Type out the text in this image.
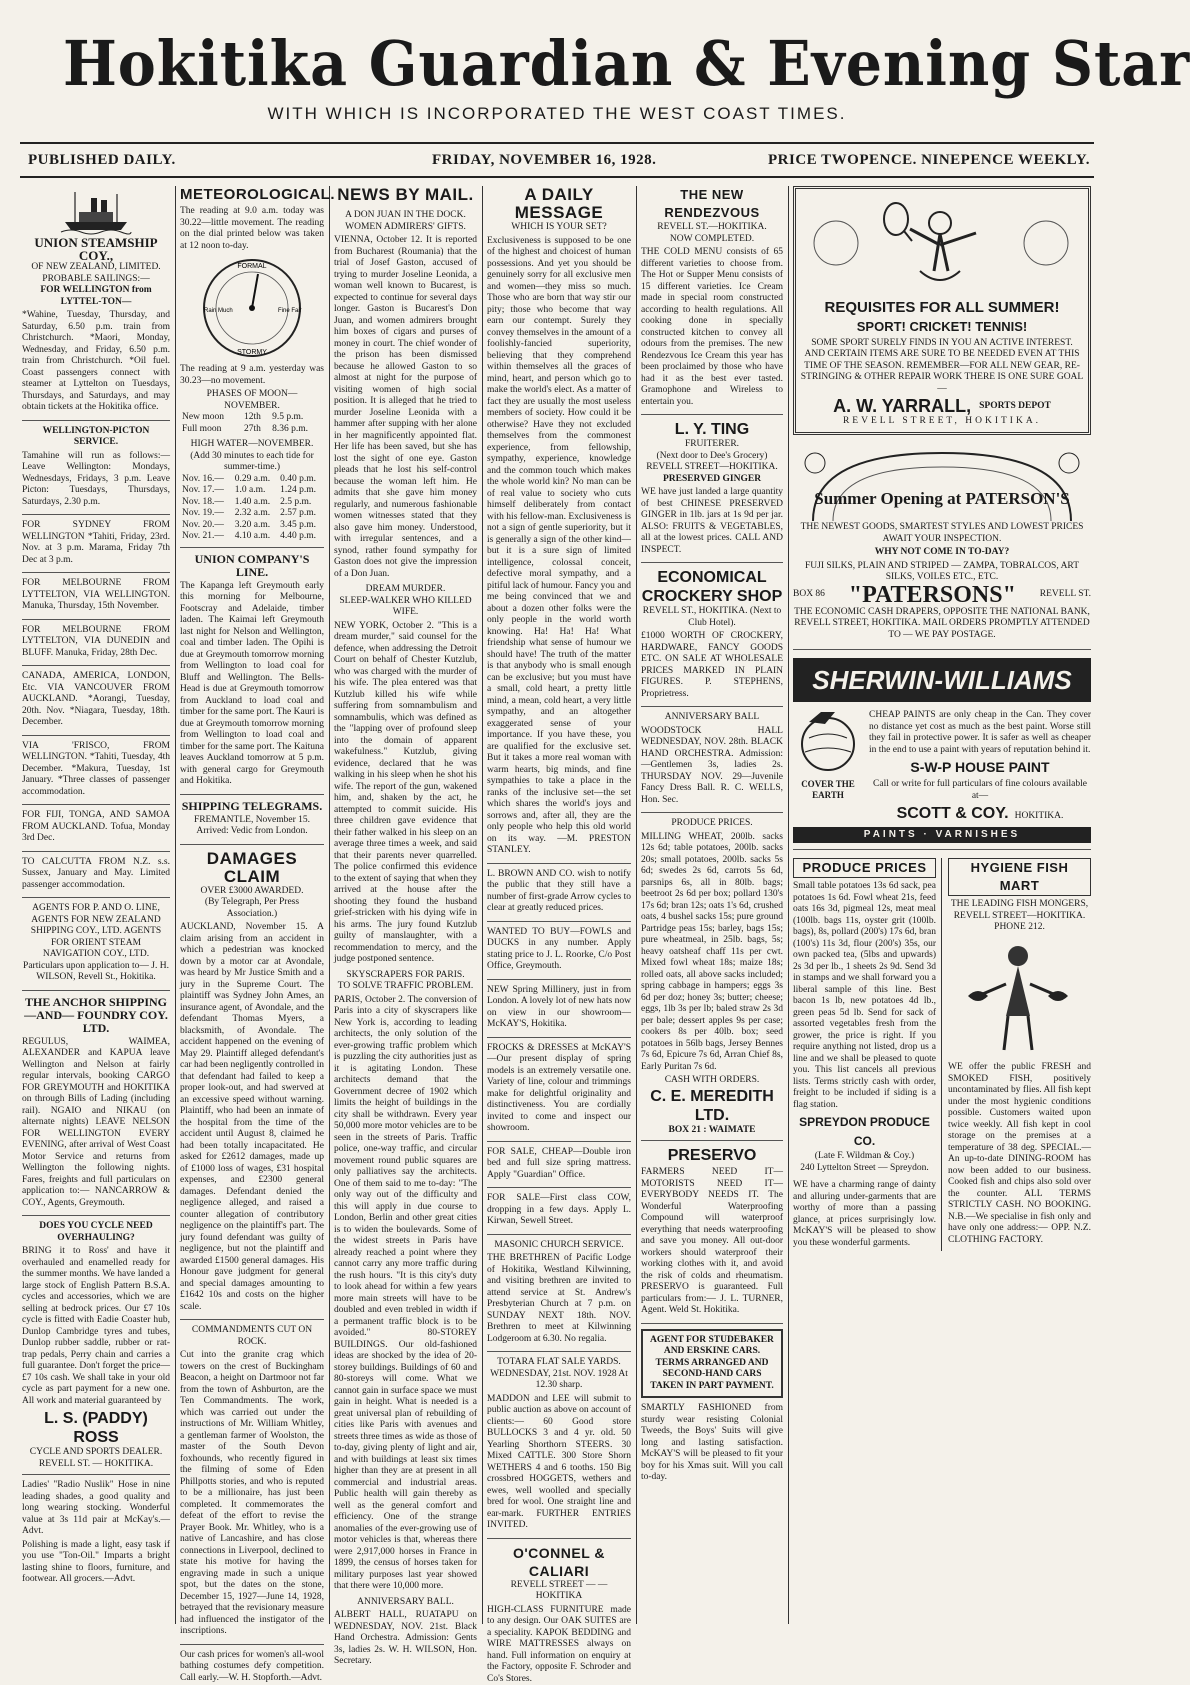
Hokitika Guardian & Evening Star
WITH WHICH IS INCORPORATED THE WEST COAST TIMES.
PUBLISHED DAILY.	FRIDAY, NOVEMBER 16, 1928.	PRICE TWOPENCE. NINEPENCE WEEKLY.
UNION STEAMSHIP COY.,
OF NEW ZEALAND, LIMITED.
PROBABLE SAILINGS:—
FOR WELLINGTON from LYTTEL-TON—

*Wahine, Tuesday, Thursday, and Saturday, 6.50 p.m. train from Christchurch. *Maori, Monday, Wednesday, and Friday, 6.50 p.m. train from Christchurch. *Oil fuel. Coast passengers connect with steamer at Lyttelton on Tuesdays, Thursdays, and Saturdays, and may obtain tickets at the Hokitika office.

WELLINGTON-PICTON SERVICE.

Tamahine will run as follows:— Leave Wellington: Mondays, Wednesdays, Fridays, 3 p.m. Leave Picton: Tuesdays, Thursdays, Saturdays, 2.30 p.m.

FOR SYDNEY FROM WELLINGTON *Tahiti, Friday, 23rd. Nov. at 3 p.m. Marama, Friday 7th Dec at 3 p.m.

FOR MELBOURNE FROM LYTTELTON, VIA WELLINGTON. Manuka, Thursday, 15th November.

FOR MELBOURNE FROM LYTTELTON, VIA DUNEDIN and BLUFF. Manuka, Friday, 28th Dec.

CANADA, AMERICA, LONDON, Etc. VIA VANCOUVER FROM AUCKLAND. *Aorangi, Tuesday, 20th. Nov. *Niagara, Tuesday, 18th. December.

VIA 'FRISCO, FROM WELLINGTON. *Tahiti, Tuesday, 4th December. *Makura, Tuesday, 1st January. *Three classes of passenger accommodation.

FOR FIJI, TONGA, AND SAMOA FROM AUCKLAND. Tofua, Monday 3rd Dec.

TO CALCUTTA FROM N.Z. s.s. Sussex, January and May. Limited passenger accommodation.

AGENTS FOR P. AND O. LINE, AGENTS FOR NEW ZEALAND SHIPPING COY., LTD. AGENTS FOR ORIENT STEAM NAVIGATION COY., LTD. Particulars upon application to— J. H. WILSON, Revell St., Hokitika.

THE ANCHOR SHIPPING —AND— FOUNDRY COY. LTD.

REGULUS, WAIMEA, ALEXANDER and KAPUA leave Wellington and Nelson at fairly regular intervals, booking CARGO FOR GREYMOUTH and HOKITIKA on through Bills of Lading (including rail). NGAIO and NIKAU (on alternate nights) LEAVE NELSON FOR WELLINGTON EVERY EVENING, after arrival of West Coast Motor Service and returns from Wellington the following nights. Fares, freights and full particulars on application to:— NANCARROW & COY., Agents, Greymouth.

DOES YOU CYCLE NEED OVERHAULING?

BRING it to Ross' and have it overhauled and enamelled ready for the summer months. We have landed a large stock of English Pattern B.S.A. cycles and accessories, which we are selling at bedrock prices. Our £7 10s cycle is fitted with Eadie Coaster hub, Dunlop Cambridge tyres and tubes, Dunlop rubber saddle, rubber or rat-trap pedals, Perry chain and carries a full guarantee. Don't forget the price—£7 10s cash. We shall take in your old cycle as part payment for a new one. All work and material guaranteed by

L. S. (PADDY) ROSS
CYCLE AND SPORTS DEALER. REVELL ST. — HOKITIKA.

Ladies' "Radio Nuslik" Hose in nine leading shades, a good quality and long wearing stocking. Wonderful value at 3s 11d pair at McKay's.—Advt.

Polishing is made a light, easy task if you use "Ton-Oil." Imparts a bright lasting shine to floors, furniture, and footwear. All grocers.—Advt.

METEOROLOGICAL.

The reading at 9.0 a.m. today was 30.22—little movement. The reading on the dial printed below was taken at 12 noon to-day.

FORMAL
Rain Much	Fine Fair
STORMY

The reading at 9 a.m. yesterday was 30.23—no movement.

PHASES OF MOON—NOVEMBER.
New moon	12th	9.5 p.m.
Full moon	27th	8.36 p.m.
HIGH WATER—NOVEMBER.
(Add 30 minutes to each tide for summer-time.)
Nov. 16.—	0.29 a.m.	0.40 p.m.
Nov. 17.—	1.0 a.m.	1.24 p.m.
Nov. 18.—	1.40 a.m.	2.5 p.m.
Nov. 19.—	2.32 a.m.	2.57 p.m.
Nov. 20.—	3.20 a.m.	3.45 p.m.
Nov. 21.—	4.10 a.m.	4.40 p.m.
UNION COMPANY'S LINE.

The Kapanga left Greymouth early this morning for Melbourne, Footscray and Adelaide, timber laden. The Kaimai left Greymouth last night for Nelson and Wellington, coal and timber laden. The Opihi is due at Greymouth tomorrow morning from Wellington to load coal for Bluff and Wellington. The Bells-Head is due at Greymouth tomorrow from Auckland to load coal and timber for the same port. The Kauri is due at Greymouth tomorrow morning from Wellington to load coal and timber for the same port. The Kaituna leaves Auckland tomorrow at 5 p.m. with general cargo for Greymouth and Hokitika.

SHIPPING TELEGRAMS.

FREMANTLE, November 15. Arrived: Vedic from London.

DAMAGES CLAIM
OVER £3000 AWARDED.
(By Telegraph, Per Press Association.)

AUCKLAND, November 15. A claim arising from an accident in which a pedestrian was knocked down by a motor car at Avondale, was heard by Mr Justice Smith and a jury in the Supreme Court. The plaintiff was Sydney John Ames, an insurance agent, of Avondale, and the defendant Thomas Myers, a blacksmith, of Avondale. The accident happened on the evening of May 29. Plaintiff alleged defendant's car had been negligently controlled in that defendant had failed to keep a proper look-out, and had swerved at an excessive speed without warning. Plaintiff, who had been an inmate of the hospital from the time of the accident until August 8, claimed he had been totally incapacitated. He asked for £2612 damages, made up of £1000 loss of wages, £31 hospital expenses, and £2300 general damages. Defendant denied the negligence alleged, and raised a counter allegation of contributory negligence on the plaintiff's part. The jury found defendant was guilty of negligence, but not the plaintiff and awarded £1500 general damages. His Honour gave judgment for general and special damages amounting to £1642 10s and costs on the higher scale.

COMMANDMENTS CUT ON ROCK.

Cut into the granite crag which towers on the crest of Buckingham Beacon, a height on Dartmoor not far from the town of Ashburton, are the Ten Commandments. The work, which was carried out under the instructions of Mr. William Whitley, a gentleman farmer of Woolston, the master of the South Devon foxhounds, who recently figured in the filming of some of Eden Phillpotts stories, and who is reputed to be a millionaire, has just been completed. It commemorates the defeat of the effort to revise the Prayer Book. Mr. Whitley, who is a native of Lancashire, and has close connections in Liverpool, declined to state his motive for having the engraving made in such a unique spot, but the dates on the stone, December 15, 1927—June 14, 1928, betrayed that the revisionary measure had influenced the instigator of the inscriptions.

Our cash prices for women's all-wool bathing costumes defy competition. Call early.—W. H. Stopforth.—Advt.

NEWS BY MAIL.
A DON JUAN IN THE DOCK.
WOMEN ADMIRERS' GIFTS.

VIENNA, October 12. It is reported from Bucharest (Roumania) that the trial of Josef Gaston, accused of trying to murder Joseline Leonida, a woman well known to Bucarest, is expected to continue for several days longer. Gaston is Bucarest's Don Juan, and women admirers brought him boxes of cigars and purses of money in court. The chief wonder of the prison has been dismissed because he allowed Gaston to so almost at night for the purpose of visiting women of high social position. It is alleged that he tried to murder Joseline Leonida with a hammer after supping with her alone in her magnificently appointed flat. Her life has been saved, but she has lost the sight of one eye. Gaston pleads that he lost his self-control because the woman left him. He admits that she gave him money regularly, and numerous fashionable women witnesses stated that they also gave him money. Understood, with irregular sentences, and a synod, rather found sympathy for Gaston does not give the impression of a Don Juan.

DREAM MURDER.
SLEEP-WALKER WHO KILLED WIFE.

NEW YORK, October 2. "This is a dream murder," said counsel for the defence, when addressing the Detroit Court on behalf of Chester Kutzlub, who was charged with the murder of his wife. The plea entered was that Kutzlub killed his wife while suffering from somnambulism and somnambulis, which was defined as the "lapping over of profound sleep into the domain of apparent wakefulness." Kutzlub, giving evidence, declared that he was walking in his sleep when he shot his wife. The report of the gun, wakened him, and, shaken by the act, he attempted to commit suicide. His three children gave evidence that their father walked in his sleep on an average three times a week, and said that their parents never quarrelled. The police confirmed this evidence to the extent of saying that when they arrived at the house after the shooting they found the husband grief-stricken with his dying wife in his arms. The jury found Kutzlub guilty of manslaughter, with a recommendation to mercy, and the judge postponed sentence.

SKYSCRAPERS FOR PARIS.
TO SOLVE TRAFFIC PROBLEM.

PARIS, October 2. The conversion of Paris into a city of skyscrapers like New York is, according to leading architects, the only solution of the ever-growing traffic problem which is puzzling the city authorities just as it is agitating London. These architects demand that the Government decree of 1902 which limits the height of buildings in the city shall be withdrawn. Every year 50,000 more motor vehicles are to be seen in the streets of Paris. Traffic police, one-way traffic, and circular movement round public squares are only palliatives say the architects. One of them said to me to-day: "The only way out of the difficulty and this will apply in due course to London, Berlin and other great cities is to widen the boulevards. Some of the widest streets in Paris have already reached a point where they cannot carry any more traffic during the rush hours. "It is this city's duty to look ahead for within a few years more main streets will have to be doubled and even trebled in width if a permanent traffic block is to be avoided." 80-STOREY BUILDINGS. Our old-fashioned ideas are shocked by the idea of 20-storey buildings. Buildings of 60 and 80-storeys will come. What we cannot gain in surface space we must gain in height. What is needed is a great universal plan of rebuilding of cities like Paris with avenues and streets three times as wide as those of to-day, giving plenty of light and air, and with buildings at least six times higher than they are at present in all commercial and industrial areas. Public health will gain thereby as well as the general comfort and efficiency. One of the strange anomalies of the ever-growing use of motor vehicles is that, whereas there were 2,917,000 horses in France in 1899, the census of horses taken for military purposes last year showed that there were 10,000 more.

ANNIVERSARY BALL.

ALBERT HALL, RUATAPU on WEDNESDAY, NOV. 21st. Black Hand Orchestra. Admission: Gents 3s, ladies 2s. W. H. WILSON, Hon. Secretary.

A DAILY MESSAGE
WHICH IS YOUR SET?

Exclusiveness is supposed to be one of the highest and choicest of human possessions. And yet you should be genuinely sorry for all exclusive men and women—they miss so much. Those who are born that way stir our pity; those who become that way earn our contempt. Surely they convey themselves in the amount of a foolishly-fancied superiority, believing that they comprehend within themselves all the graces of mind, heart, and person which go to make the world's elect. As a matter of fact they are usually the most useless members of society. How could it be otherwise? Have they not excluded themselves from the commonest experience, from fellowship, sympathy, experience, knowledge and the common touch which makes the whole world kin? No man can be of real value to society who cuts himself deliberately from contact with his fellow-man. Exclusiveness is not a sign of gentle superiority, but it is generally a sign of the other kind—but it is a sure sign of limited intelligence, colossal conceit, defective moral sympathy, and a pitiful lack of humour. Fancy you and me being convinced that we and about a dozen other folks were the only people in the world worth knowing. Ha! Ha! Ha! What friendship what sense of humour we should have! The truth of the matter is that anybody who is small enough can be exclusive; but you must have a small, cold heart, a pretty little mind, a mean, cold heart, a very little sympathy, and an altogether exaggerated sense of your importance. If you have these, you are qualified for the exclusive set. But it takes a more real woman with warm hearts, big minds, and fine sympathies to take a place in the ranks of the inclusive set—the set which shares the world's joys and sorrows and, after all, they are the only people who help this old world on its way. —M. PRESTON STANLEY.

L. BROWN AND CO. wish to notify the public that they still have a number of first-grade Arrow cycles to clear at greatly reduced prices.

WANTED TO BUY—FOWLS and DUCKS in any number. Apply stating price to J. L. Roorke, C/o Post Office, Greymouth.

NEW Spring Millinery, just in from London. A lovely lot of new hats now on view in our showroom—McKAY'S, Hokitika.

FROCKS & DRESSES at McKAY'S—Our present display of spring models is an extremely versatile one. Variety of line, colour and trimmings make for delightful originality and distinctiveness. You are cordially invited to come and inspect our showroom.

FOR SALE, CHEAP—Double iron bed and full size spring mattress. Apply "Guardian" Office.

FOR SALE—First class COW, dropping in a few days. Apply L. Kirwan, Sewell Street.

MASONIC CHURCH SERVICE.

THE BRETHREN of Pacific Lodge of Hokitika, Westland Kilwinning, and visiting brethren are invited to attend service at St. Andrew's Presbyterian Church at 7 p.m. on SUNDAY NEXT 18th. NOV. Brethren to meet at Kilwinning Lodgeroom at 6.30. No regalia.

TOTARA FLAT SALE YARDS.
WEDNESDAY, 21st. NOV. 1928 At 12.30 sharp.

MADDON and LEE will submit to public auction as above on account of clients:— 60 Good store BULLOCKS 3 and 4 yr. old. 50 Yearling Shorthorn STEERS. 30 Mixed CATTLE. 300 Store Shorn WETHERS 4 and 6 tooths. 150 Big crossbred HOGGETS, wethers and ewes, well woolled and specially bred for wool. One straight line and ear-mark. FURTHER ENTRIES INVITED.

O'CONNEL & CALIARI
REVELL STREET — — HOKITIKA

HIGH-CLASS FURNITURE made to any design. Our OAK SUITES are a speciality. KAPOK BEDDING and WIRE MATTRESSES always on hand. Full information on enquiry at the Factory, opposite F. Schroder and Co's Stores.

THE NEW RENDEZVOUS
REVELL ST.—HOKITIKA.
NOW COMPLETED.

THE COLD MENU consists of 65 different varieties to choose from. The Hot or Supper Menu consists of 15 different varieties. Ice Cream made in special room constructed according to health regulations. All cooking done in specially constructed kitchen to convey all odours from the premises. The new Rendezvous Ice Cream this year has been proclaimed by those who have had it as the best ever tasted. Gramophone and Wireless to entertain you.

L. Y. TING
FRUITERER.
(Next door to Dee's Grocery) REVELL STREET—HOKITIKA.
PRESERVED GINGER

WE have just landed a large quantity of best CHINESE PRESERVED GINGER in 1lb. jars at 1s 9d per jar. ALSO: FRUITS & VEGETABLES, all at the lowest prices. CALL AND INSPECT.

ECONOMICAL CROCKERY SHOP
REVELL ST., HOKITIKA. (Next to Club Hotel).

£1000 WORTH OF CROCKERY, HARDWARE, FANCY GOODS ETC. ON SALE AT WHOLESALE PRICES MARKED IN PLAIN FIGURES. P. STEPHENS, Proprietress.

ANNIVERSARY BALL

WOODSTOCK HALL WEDNESDAY, NOV. 28th. BLACK HAND ORCHESTRA. Admission:—Gentlemen 3s, ladies 2s. THURSDAY NOV. 29—Juvenile Fancy Dress Ball. R. C. WELLS, Hon. Sec.

PRODUCE PRICES.

MILLING WHEAT, 200lb. sacks 12s 6d; table potatoes, 200lb. sacks 20s; small potatoes, 200lb. sacks 5s 6d; swedes 2s 6d, carrots 5s 6d, parsnips 6s, all in 80lb. bags; beetroot 2s 6d per box; pollard 130's 17s 6d; bran 12s; oats 1's 6d, crushed oats, 4 bushel sacks 15s; pure ground Partridge peas 15s; barley, bags 15s; pure wheatmeal, in 25lb. bags, 5s; heavy oatsheaf chaff 11s per cwt. Mixed fowl wheat 18s; maize 18s; rolled oats, all above sacks included; spring cabbage in hampers; eggs 3s 6d per doz; honey 3s; butter; cheese; eggs, 1lb 3s per lb; baled straw 2s 3d per bale; dessert apples 9s per case; cookers 8s per 40lb. box; seed potatoes in 56lb bags, Jersey Bennes 7s 6d, Epicure 7s 6d, Arran Chief 8s, Early Puritan 7s 6d.

CASH WITH ORDERS.
C. E. MEREDITH LTD.
BOX 21 : WAIMATE
PRESERVO

FARMERS NEED IT—MOTORISTS NEED IT—EVERYBODY NEEDS IT. The Wonderful Waterproofing Compound will waterproof everything that needs waterproofing and save you money. All out-door workers should waterproof their working clothes with it, and avoid the risk of colds and rheumatism. PRESERVO is guaranteed. Full particulars from:— J. L. TURNER, Agent. Weld St. Hokitika.

AGENT FOR STUDEBAKER AND ERSKINE CARS. TERMS ARRANGED AND SECOND-HAND CARS TAKEN IN PART PAYMENT.

SMARTLY FASHIONED from sturdy wear resisting Colonial Tweeds, the Boys' Suits will give long and lasting satisfaction. McKAY'S will be pleased to fit your boy for his Xmas suit. Will you call to-day.

REQUISITES FOR ALL SUMMER!
SPORT! CRICKET! TENNIS!

SOME SPORT SURELY FINDS IN YOU AN ACTIVE INTEREST. AND CERTAIN ITEMS ARE SURE TO BE NEEDED EVEN AT THIS TIME OF THE SEASON. REMEMBER—FOR ALL NEW GEAR, RE-STRINGING & OTHER REPAIR WORK THERE IS ONE SURE GOAL—

A. W. YARRALL, SPORTS DEPOT
REVELL STREET, HOKITIKA.
Summer Opening at PATERSON'S

THE NEWEST GOODS, SMARTEST STYLES AND LOWEST PRICES AWAIT YOUR INSPECTION.

WHY NOT COME IN TO-DAY?

FUJI SILKS, PLAIN AND STRIPED — ZAMPA, TOBRALCOS, ART SILKS, VOILES ETC., ETC.

BOX 86 "PATERSONS"	REVELL ST.

THE ECONOMIC CASH DRAPERS, OPPOSITE THE NATIONAL BANK, REVELL STREET, HOKITIKA. MAIL ORDERS PROMPTLY ATTENDED TO — WE PAY POSTAGE.

SHERWIN-WILLIAMS
COVER THE EARTH

CHEAP PAINTS are only cheap in the Can. They cover no distance yet cost as much as the best paint. Worse still they fail in protective power. It is safer as well as cheaper in the end to use a paint with years of reputation behind it.

S-W-P HOUSE PAINT

Call or write for full particulars of fine colours available at—

SCOTT & COY. HOKITIKA.
PAINTS · VARNISHES
PRODUCE PRICES

Small table potatoes 13s 6d sack, pea potatoes 1s 6d. Fowl wheat 21s, feed oats 16s 3d, pigmeal 12s, meat meal (100lb. bags 11s, oyster grit (100lb. bags), 8s, pollard (200's) 17s 6d, bran (100's) 11s 3d, flour (200's) 35s, our own packed tea, (5lbs and upwards) 2s 3d per lb., 1 sheets 2s 9d. Send 3d in stamps and we shall forward you a liberal sample of this line. Best bacon 1s lb, new potatoes 4d lb., green peas 5d lb. Send for sack of assorted vegetables fresh from the grower, the price is right. If you require anything not listed, drop us a line and we shall be pleased to quote you. This list cancels all previous lists. Terms strictly cash with order, freight to be included if siding is a flag station.

SPREYDON PRODUCE CO.
(Late F. Wildman & Coy.)
240 Lyttelton Street — Spreydon.

WE have a charming range of dainty and alluring under-garments that are worthy of more than a passing glance, at prices surprisingly low. McKAY'S will be pleased to show you these wonderful garments.

HYGIENE FISH MART

THE LEADING FISH MONGERS, REVELL STREET—HOKITIKA. PHONE 212.

WE offer the public FRESH and SMOKED FISH, positively uncontaminated by flies. All fish kept under the most hygienic conditions possible. Customers waited upon twice weekly. All fish kept in cool storage on the premises at a temperature of 38 deg. SPECIAL.—An up-to-date DINING-ROOM has now been added to our business. Cooked fish and chips also sold over the counter. ALL TERMS STRICTLY CASH. NO BOOKING. N.B.—We specialise in fish only and have only one address:— OPP. N.Z. CLOTHING FACTORY.
